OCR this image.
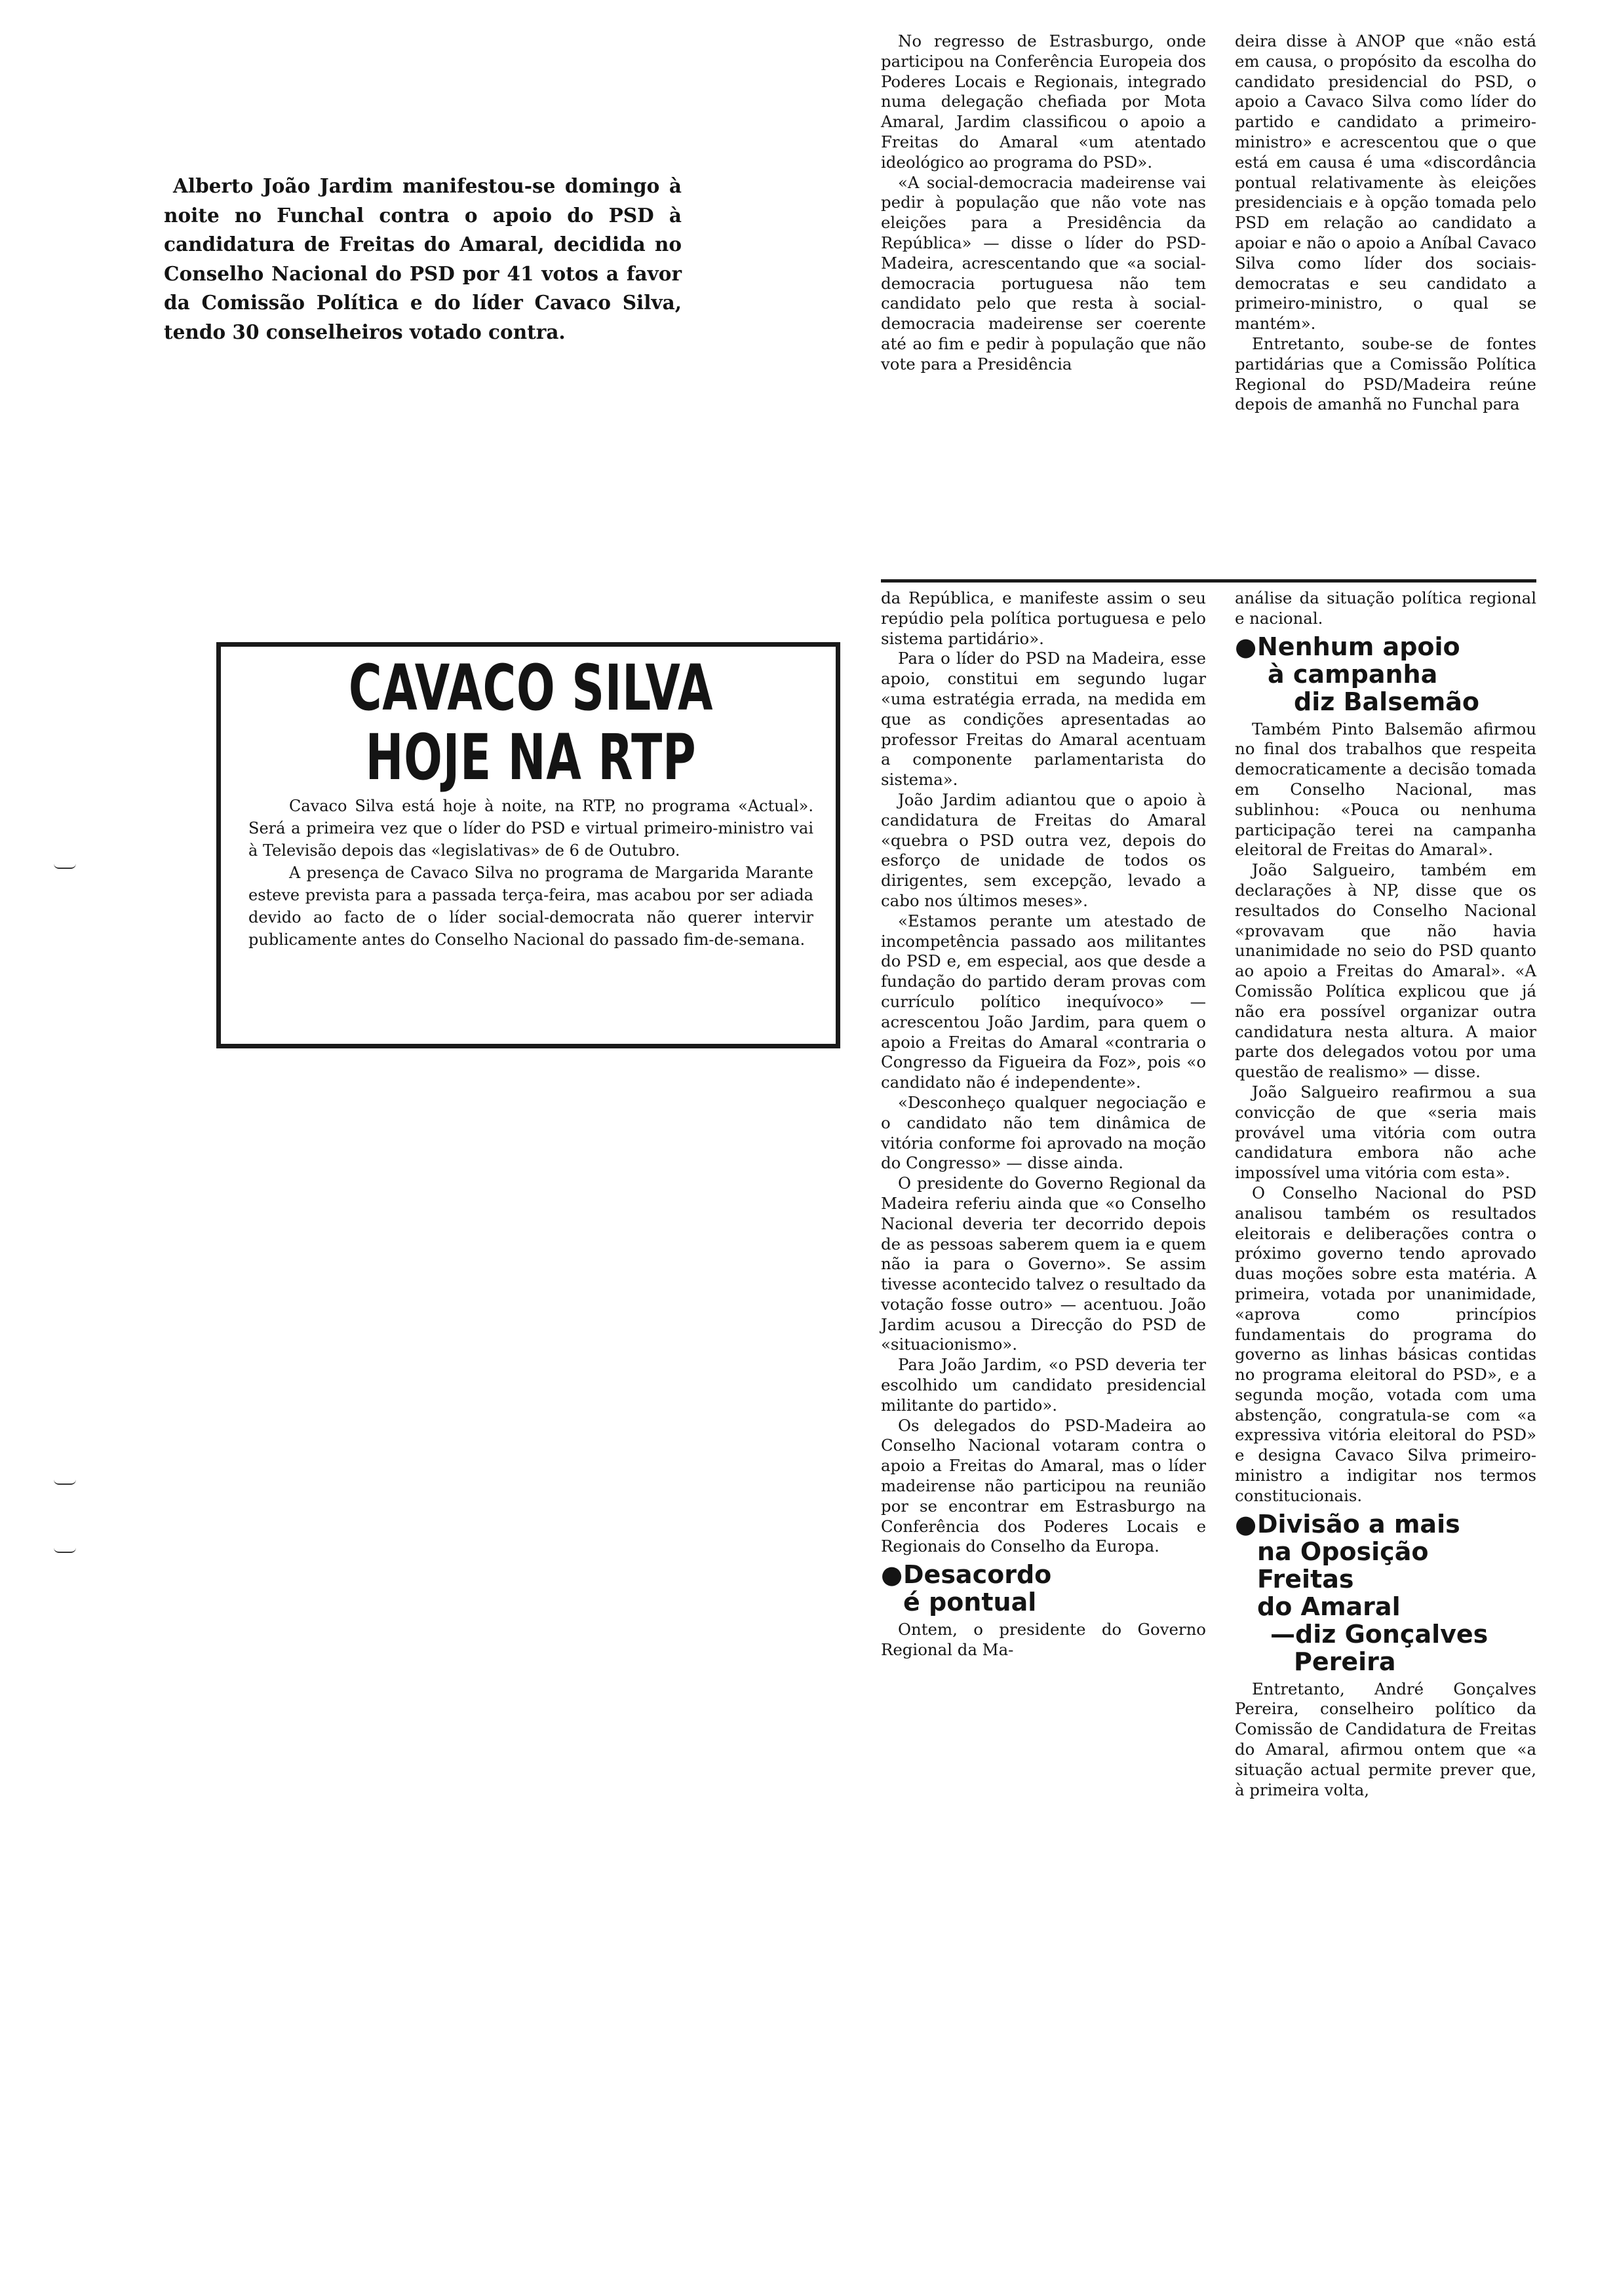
Alberto João Jardim manifestou-se domingo à noite no Funchal contra o apoio do PSD à candidatura de Freitas do Amaral, decidida no Conselho Nacional do PSD por 41 votos a favor da Comissão Política e do líder Cavaco Silva, tendo 30 conselheiros votado contra.

CAVACO SILVA
HOJE NA RTP

Cavaco Silva está hoje à noite, na RTP, no programa «Actual». Será a primeira vez que o líder do PSD e virtual primeiro-ministro vai à Televisão depois das «legislativas» de 6 de Outubro.

A presença de Cavaco Silva no programa de Margarida Marante esteve prevista para a passada terça-feira, mas acabou por ser adiada devido ao facto de o líder social-democrata não querer intervir publicamente antes do Conselho Nacional do passado fim-de-semana.

No regresso de Estrasburgo, onde participou na Conferência Europeia dos Poderes Locais e Regionais, integrado numa delegação chefiada por Mota Amaral, Jardim classificou o apoio a Freitas do Amaral «um atentado ideológico ao programa do PSD».

«A social-democracia madeirense vai pedir à população que não vote nas eleições para a Presidência da República» — disse o líder do PSD-Madeira, acrescentando que «a social-democracia portuguesa não tem candidato pelo que resta à social-democracia madeirense ser coerente até ao fim e pedir à população que não vote para a Presidência

deira disse à ANOP que «não está em causa, o propósito da escolha do candidato presidencial do PSD, o apoio a Cavaco Silva como líder do partido e candidato a primeiro-ministro» e acrescentou que o que está em causa é uma «discordância pontual relativamente às eleições presidenciais e à opção tomada pelo PSD em relação ao candidato a apoiar e não o apoio a Aníbal Cavaco Silva como líder dos sociais-democratas e seu candidato a primeiro-ministro, o qual se mantém».

Entretanto, soube-se de fontes partidárias que a Comissão Política Regional do PSD/Madeira reúne depois de amanhã no Funchal para

da República, e manifeste assim o seu repúdio pela política portuguesa e pelo sistema partidário».

Para o líder do PSD na Madeira, esse apoio, constitui em segundo lugar «uma estratégia errada, na medida em que as condições apresentadas ao professor Freitas do Amaral acentuam a componente parlamentarista do sistema».

João Jardim adiantou que o apoio à candidatura de Freitas do Amaral «quebra o PSD outra vez, depois do esforço de unidade de todos os dirigentes, sem excepção, levado a cabo nos últimos meses».

«Estamos perante um atestado de incompetência passado aos militantes do PSD e, em especial, aos que desde a fundação do partido deram provas com currículo político inequívoco» — acrescentou João Jardim, para quem o apoio a Freitas do Amaral «contraria o Congresso da Figueira da Foz», pois «o candidato não é independente».

«Desconheço qualquer negociação e o candidato não tem dinâmica de vitória conforme foi aprovado na moção do Congresso» — disse ainda.

O presidente do Governo Regional da Madeira referiu ainda que «o Conselho Nacional deveria ter decorrido depois de as pessoas saberem quem ia e quem não ia para o Governo». Se assim tivesse acontecido talvez o resultado da votação fosse outro» — acentuou. João Jardim acusou a Direcção do PSD de «situacionismo».

Para João Jardim, «o PSD deveria ter escolhido um candidato presidencial militante do partido».

Os delegados do PSD-Madeira ao Conselho Nacional votaram contra o apoio a Freitas do Amaral, mas o líder madeirense não participou na reunião por se encontrar em Estrasburgo na Conferência dos Poderes Locais e Regionais do Conselho da Europa.

●Desacordo
é pontual

Ontem, o presidente do Governo Regional da Ma-

análise da situação política regional e nacional.

●Nenhum apoio
à campanha
diz Balsemão

Também Pinto Balsemão afirmou no final dos trabalhos que respeita democraticamente a decisão tomada em Conselho Nacional, mas sublinhou: «Pouca ou nenhuma participação terei na campanha eleitoral de Freitas do Amaral».

João Salgueiro, também em declarações à NP, disse que os resultados do Conselho Nacional «provavam que não havia unanimidade no seio do PSD quanto ao apoio a Freitas do Amaral». «A Comissão Política explicou que já não era possível organizar outra candidatura nesta altura. A maior parte dos delegados votou por uma questão de realismo» — disse.

João Salgueiro reafirmou a sua convicção de que «seria mais provável uma vitória com outra candidatura embora não ache impossível uma vitória com esta».

O Conselho Nacional do PSD analisou também os resultados eleitorais e deliberações contra o próximo governo tendo aprovado duas moções sobre esta matéria. A primeira, votada por unanimidade, «aprova como princípios fundamentais do programa do governo as linhas básicas contidas no programa eleitoral do PSD», e a segunda moção, votada com uma abstenção, congratula-se com «a expressiva vitória eleitoral do PSD» e designa Cavaco Silva primeiro-ministro a indigitar nos termos constitucionais.

●Divisão a mais
na Oposição
Freitas
do Amaral
—diz Gonçalves
Pereira

Entretanto, André Gonçalves Pereira, conselheiro político da Comissão de Candidatura de Freitas do Amaral, afirmou ontem que «a situação actual permite prever que, à primeira volta,
